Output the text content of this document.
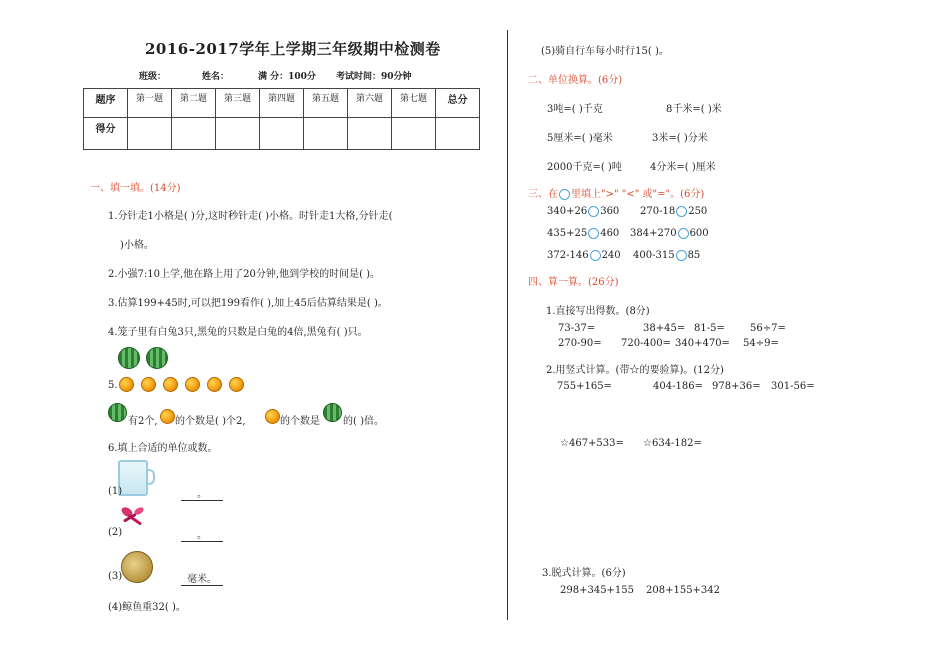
2016-2017学年上学期三年级期中检测卷
班级：	姓名：	满 分：100分 考试时间：90分钟
题序	第一题	第二题	第三题	第四题	第五题	第六题	第七题	总分
得分								
一、填一填。(14分)
1.分针走1小格是( )分,这时秒针走( )小格。时针走1大格,分针走(
)小格。
2.小强7:10上学,他在路上用了20分钟,他到学校的时间是( )。
3.估算199+45时,可以把199看作( ),加上45后估算结果是( )。
4.笼子里有白兔3只,黑兔的只数是白兔的4倍,黑兔有( )只。
5.
有2个, 的个数是( )个2,	的个数是 的( )倍。
6.填上合适的单位或数。
(1)	。
(2)	。
(3)	毫米。
(4)鲸鱼重32( )。
(5)骑自行车每小时行15( )。
二、单位换算。(6分)
3吨=( )千克	8千米=( )米
5厘米=( )毫米	3米=( )分米
2000千克=( )吨	4分米=( )厘米
三、在 里填上">" "<" 或"="。(6分)
340+26 360 270-18 250
435+25 460 384+270 600
372-146 240 400-315 85
四、算一算。(26分)
1.直接写出得数。(8分)
73-37=	38+45= 81-5=	56÷7=
270-90= 720-400= 340+470= 54÷9=
2.用竖式计算。(带☆的要验算)。(12分)
755+165=	404-186= 978+36= 301-56=
☆467+533= ☆634-182=
3.脱式计算。(6分)
298+345+155 208+155+342
